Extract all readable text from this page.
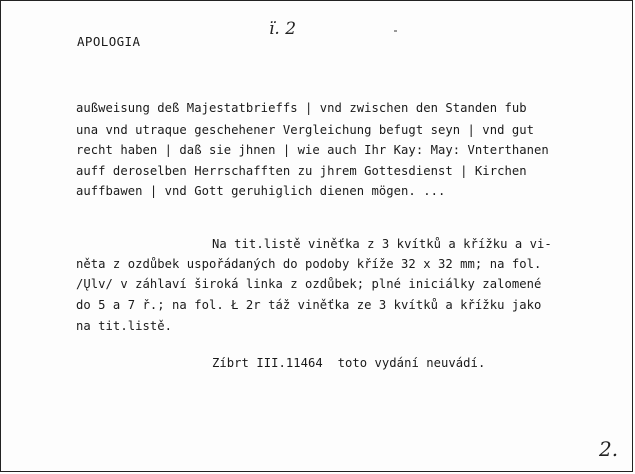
ï. 2
APOLOGIA
außweisung deß Majestatbrieffs | vnd zwischen den Standen fub
una vnd utraque geschehener Vergleichung befugt seyn | vnd gut
recht haben | daß sie jhnen | wie auch Ihr Kay: May: Vnterthanen
auff deroselben Herrschafften zu jhrem Gottesdienst | Kirchen
auffbawen | vnd Gott geruhiglich dienen mögen. ...
Na tit.listě viněťka z 3 kvítků a křížku a vi-
něta z ozdůbek uspořádaných do podoby kříže 32 x 32 mm; na fol.
/Ųlv/ v záhlaví široká linka z ozdůbek; plné iniciálky zalomené
do 5 a 7 ř.; na fol. Ł 2r táž viněťka ze 3 kvítků a křížku jako
na tit.listě.
Zíbrt III.11464  toto vydání neuvádí.
2.
